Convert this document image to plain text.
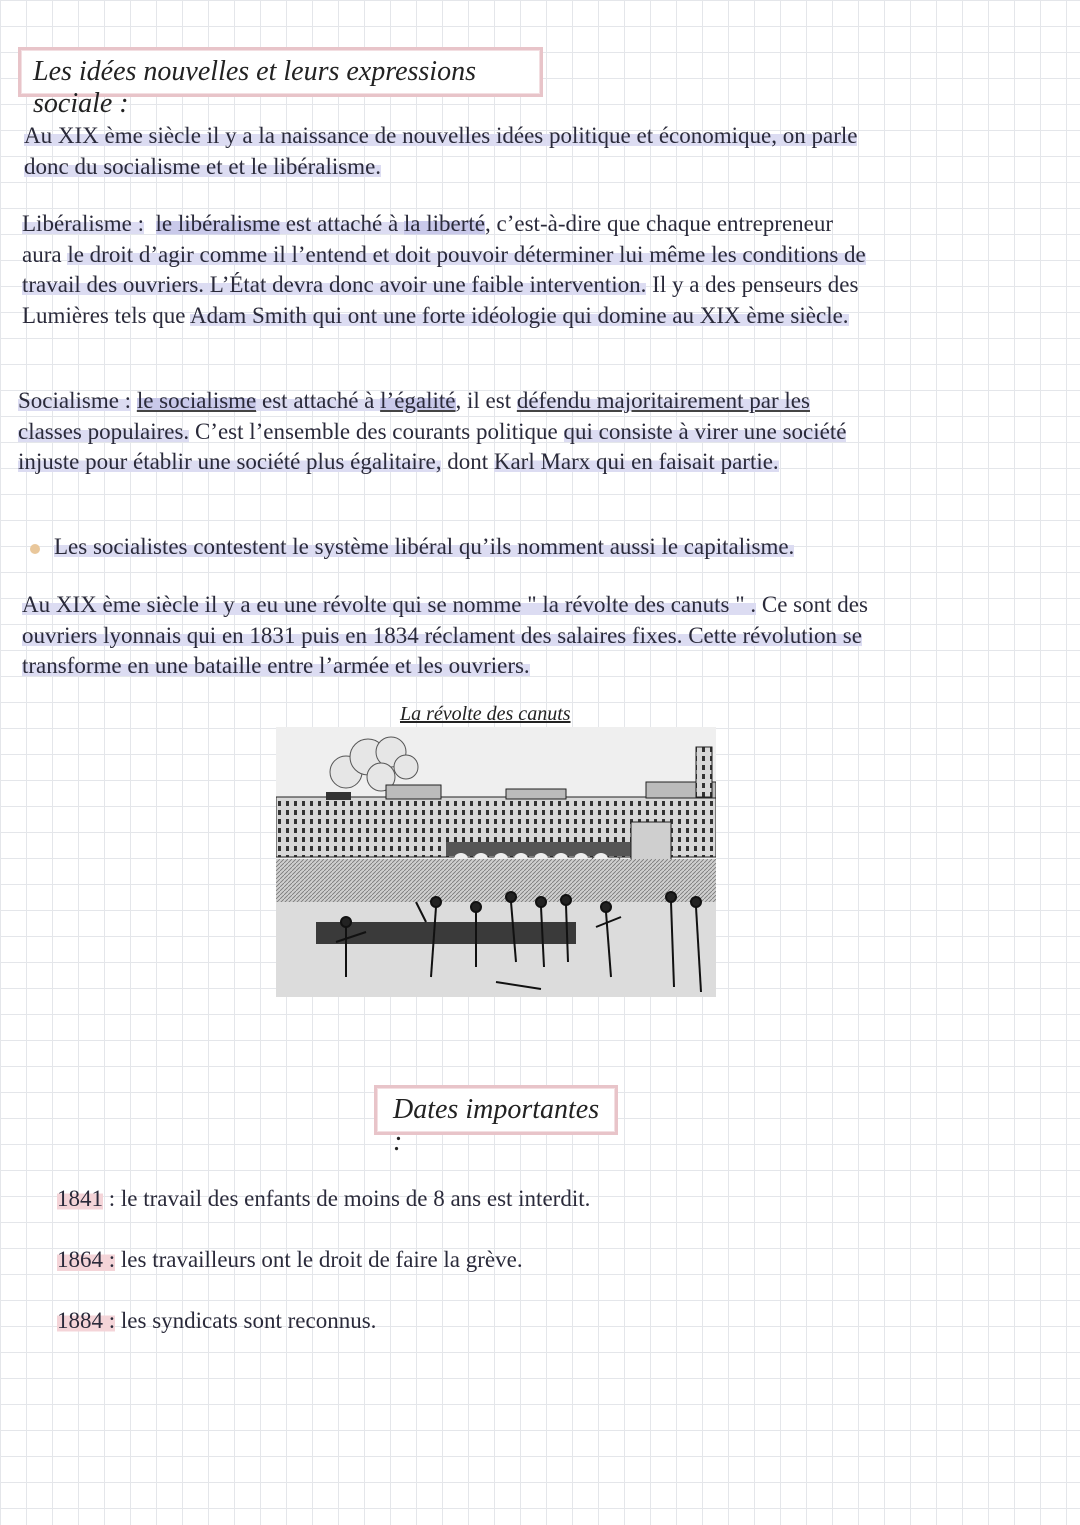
Les idées nouvelles et leurs expressions sociale :

Au XIX ème siècle il y a la naissance de nouvelles idées politique et économique, on parle
donc du socialisme et et le libéralisme.

Libéralisme : le libéralisme est attaché à la liberté, c’est-à-dire que chaque entrepreneur
aura le droit d’agir comme il l’entend et doit pouvoir déterminer lui même les conditions de
travail des ouvriers. L’État devra donc avoir une faible intervention. Il y a des penseurs des
Lumières tels que Adam Smith qui ont une forte idéologie qui domine au XIX ème siècle.

Socialisme : le socialisme est attaché à l’égalité, il est défendu majoritairement par les
classes populaires. C’est l’ensemble des courants politique qui consiste à virer une société
injuste pour établir une société plus égalitaire, dont Karl Marx qui en faisait partie.

Les socialistes contestent le système libéral qu’ils nomment aussi le capitalisme.

Au XIX ème siècle il y a eu une révolte qui se nomme " la révolte des canuts " . Ce sont des
ouvriers lyonnais qui en 1831 puis en 1834 réclament des salaires fixes. Cette révolution se
transforme en une bataille entre l’armée et les ouvriers.

La révolte des canuts
Dates importantes :
1841 : le travail des enfants de moins de 8 ans est interdit.
1864 : les travailleurs ont le droit de faire la grève.
1884 : les syndicats sont reconnus.
